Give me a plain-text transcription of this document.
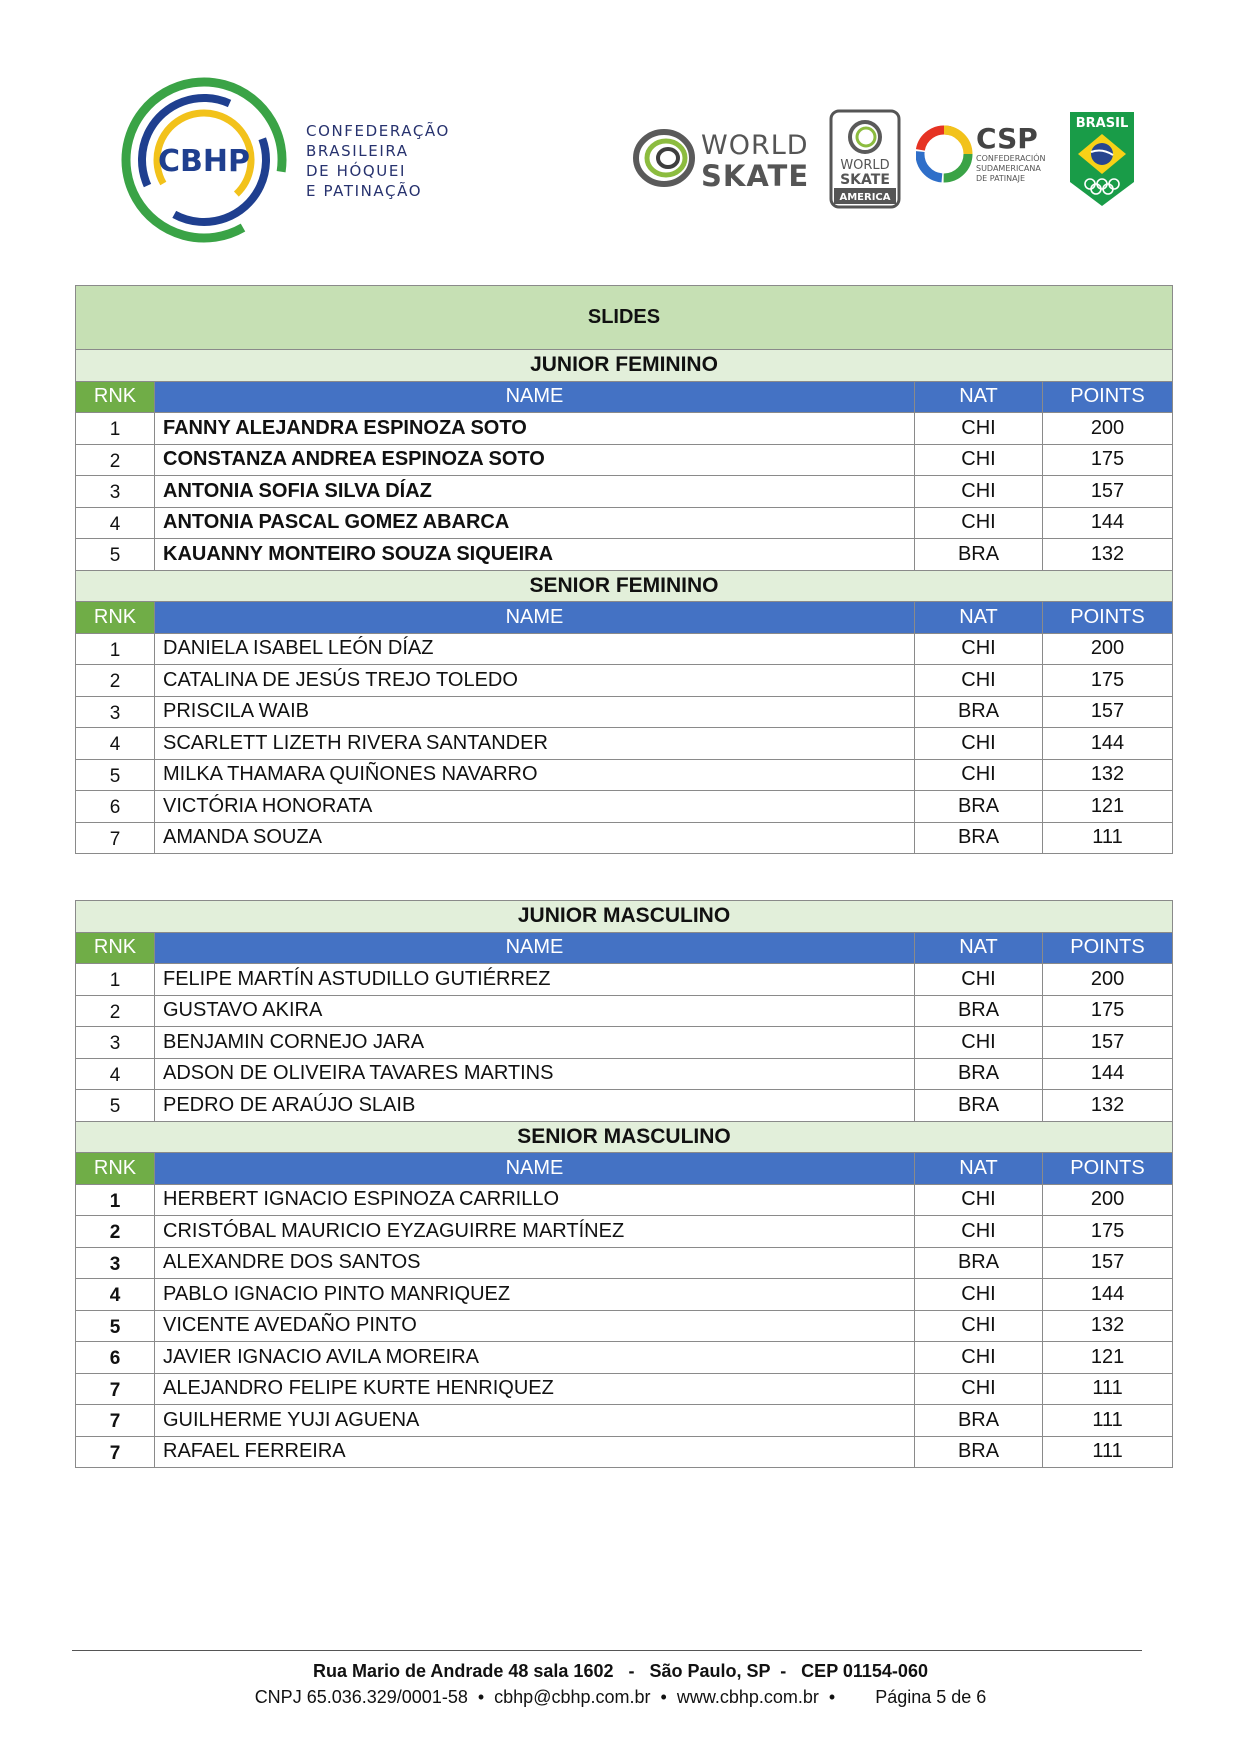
CBHP
CONFEDERAÇÃO
BRASILEIRA
DE HÓQUEI
E PATINAÇÃO
WORLD
SKATE WORLD
SKATE
AMERICA
CSP
CONFEDERACIÓN
SUDAMERICANA
DE PATINAJE
BRASIL
SLIDES			
JUNIOR FEMININO			
RNK	NAME	NAT	POINTS
1	FANNY ALEJANDRA ESPINOZA SOTO	CHI	200
2	CONSTANZA ANDREA ESPINOZA SOTO	CHI	175
3	ANTONIA SOFIA SILVA DÍAZ	CHI	157
4	ANTONIA PASCAL GOMEZ ABARCA	CHI	144
5	KAUANNY MONTEIRO SOUZA SIQUEIRA	BRA	132
SENIOR FEMININO			
RNK	NAME	NAT	POINTS
1	DANIELA ISABEL LEÓN DÍAZ	CHI	200
2	CATALINA DE JESÚS TREJO TOLEDO	CHI	175
3	PRISCILA WAIB	BRA	157
4	SCARLETT LIZETH RIVERA SANTANDER	CHI	144
5	MILKA THAMARA QUIÑONES NAVARRO	CHI	132
6	VICTÓRIA HONORATA	BRA	121
7	AMANDA SOUZA	BRA	111
JUNIOR MASCULINO			
RNK	NAME	NAT	POINTS
1	FELIPE MARTÍN ASTUDILLO GUTIÉRREZ	CHI	200
2	GUSTAVO AKIRA	BRA	175
3	BENJAMIN CORNEJO JARA	CHI	157
4	ADSON DE OLIVEIRA TAVARES MARTINS	BRA	144
5	PEDRO DE ARAÚJO SLAIB	BRA	132
SENIOR MASCULINO			
RNK	NAME	NAT	POINTS
1	HERBERT IGNACIO ESPINOZA CARRILLO	CHI	200
2	CRISTÓBAL MAURICIO EYZAGUIRRE MARTÍNEZ	CHI	175
3	ALEXANDRE DOS SANTOS	BRA	157
4	PABLO IGNACIO PINTO MANRIQUEZ	CHI	144
5	VICENTE AVEDAÑO PINTO	CHI	132
6	JAVIER IGNACIO AVILA MOREIRA	CHI	121
7	ALEJANDRO FELIPE KURTE HENRIQUEZ	CHI	111
7	GUILHERME YUJI AGUENA	BRA	111
7	RAFAEL FERREIRA	BRA	111
Rua Mario de Andrade 48 sala 1602   -   São Paulo, SP  -   CEP 01154-060
CNPJ 65.036.329/0001-58  •  cbhp@cbhp.com.br  •  www.cbhp.com.br  • Página 5 de 6
